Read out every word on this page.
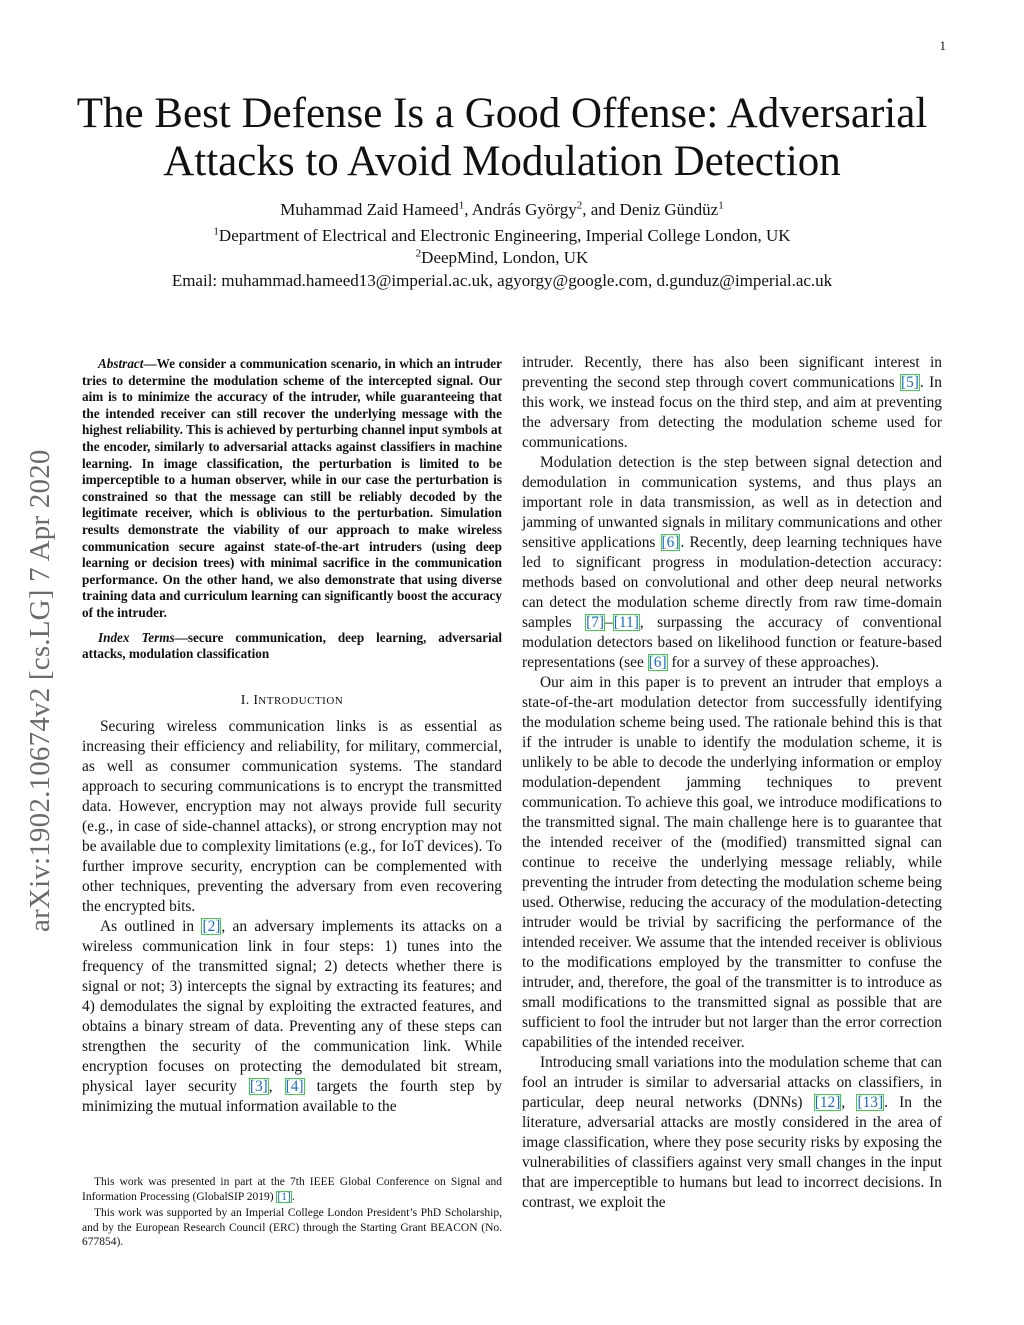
1
arXiv:1902.10674v2 [cs.LG] 7 Apr 2020
The Best Defense Is a Good Offense: Adversarial Attacks to Avoid Modulation Detection
Muhammad Zaid Hameed$^1$, András György$^2$, and Deniz Gündüz$^1$
$^1$Department of Electrical and Electronic Engineering, Imperial College London, UK
$^2$DeepMind, London, UK
Email: muhammad.hameed13@imperial.ac.uk, agyorgy@google.com, d.gunduz@imperial.ac.uk

Abstract—We consider a communication scenario, in which an intruder tries to determine the modulation scheme of the intercepted signal. Our aim is to minimize the accuracy of the intruder, while guaranteeing that the intended receiver can still recover the underlying message with the highest reliability. This is achieved by perturbing channel input symbols at the encoder, similarly to adversarial attacks against classifiers in machine learning. In image classification, the perturbation is limited to be imperceptible to a human observer, while in our case the perturbation is constrained so that the message can still be reliably decoded by the legitimate receiver, which is oblivious to the perturbation. Simulation results demonstrate the viability of our approach to make wireless communication secure against state-of-the-art intruders (using deep learning or decision trees) with minimal sacrifice in the communication performance. On the other hand, we also demonstrate that using diverse training data and curriculum learning can significantly boost the accuracy of the intruder.

Index Terms—secure communication, deep learning, adversarial attacks, modulation classification

I. INTRODUCTION

Securing wireless communication links is as essential as increasing their efficiency and reliability, for military, commercial, as well as consumer communication systems. The standard approach to securing communications is to encrypt the transmitted data. However, encryption may not always provide full security (e.g., in case of side-channel attacks), or strong encryption may not be available due to complexity limitations (e.g., for IoT devices). To further improve security, encryption can be complemented with other techniques, preventing the adversary from even recovering the encrypted bits.

As outlined in [2], an adversary implements its attacks on a wireless communication link in four steps: 1) tunes into the frequency of the transmitted signal; 2) detects whether there is signal or not; 3) intercepts the signal by extracting its features; and 4) demodulates the signal by exploiting the extracted features, and obtains a binary stream of data. Preventing any of these steps can strengthen the security of the communication link. While encryption focuses on protecting the demodulated bit stream, physical layer security [3], [4] targets the fourth step by minimizing the mutual information available to the

This work was presented in part at the 7th IEEE Global Conference on Signal and Information Processing (GlobalSIP 2019) [1].

This work was supported by an Imperial College London President’s PhD Scholarship, and by the European Research Council (ERC) through the Starting Grant BEACON (No. 677854).

intruder. Recently, there has also been significant interest in preventing the second step through covert communications [5]. In this work, we instead focus on the third step, and aim at preventing the adversary from detecting the modulation scheme used for communications.

Modulation detection is the step between signal detection and demodulation in communication systems, and thus plays an important role in data transmission, as well as in detection and jamming of unwanted signals in military communications and other sensitive applications [6]. Recently, deep learning techniques have led to significant progress in modulation-detection accuracy: methods based on convolutional and other deep neural networks can detect the modulation scheme directly from raw time-domain samples [7]–[11], surpassing the accuracy of conventional modulation detectors based on likelihood function or feature-based representations (see [6] for a survey of these approaches).

Our aim in this paper is to prevent an intruder that employs a state-of-the-art modulation detector from successfully identifying the modulation scheme being used. The rationale behind this is that if the intruder is unable to identify the modulation scheme, it is unlikely to be able to decode the underlying information or employ modulation-dependent jamming techniques to prevent communication. To achieve this goal, we introduce modifications to the transmitted signal. The main challenge here is to guarantee that the intended receiver of the (modified) transmitted signal can continue to receive the underlying message reliably, while preventing the intruder from detecting the modulation scheme being used. Otherwise, reducing the accuracy of the modulation-detecting intruder would be trivial by sacrificing the performance of the intended receiver. We assume that the intended receiver is oblivious to the modifications employed by the transmitter to confuse the intruder, and, therefore, the goal of the transmitter is to introduce as small modifications to the transmitted signal as possible that are sufficient to fool the intruder but not larger than the error correction capabilities of the intended receiver.

Introducing small variations into the modulation scheme that can fool an intruder is similar to adversarial attacks on classifiers, in particular, deep neural networks (DNNs) [12], [13]. In the literature, adversarial attacks are mostly considered in the area of image classification, where they pose security risks by exposing the vulnerabilities of classifiers against very small changes in the input that are imperceptible to humans but lead to incorrect decisions. In contrast, we exploit the
